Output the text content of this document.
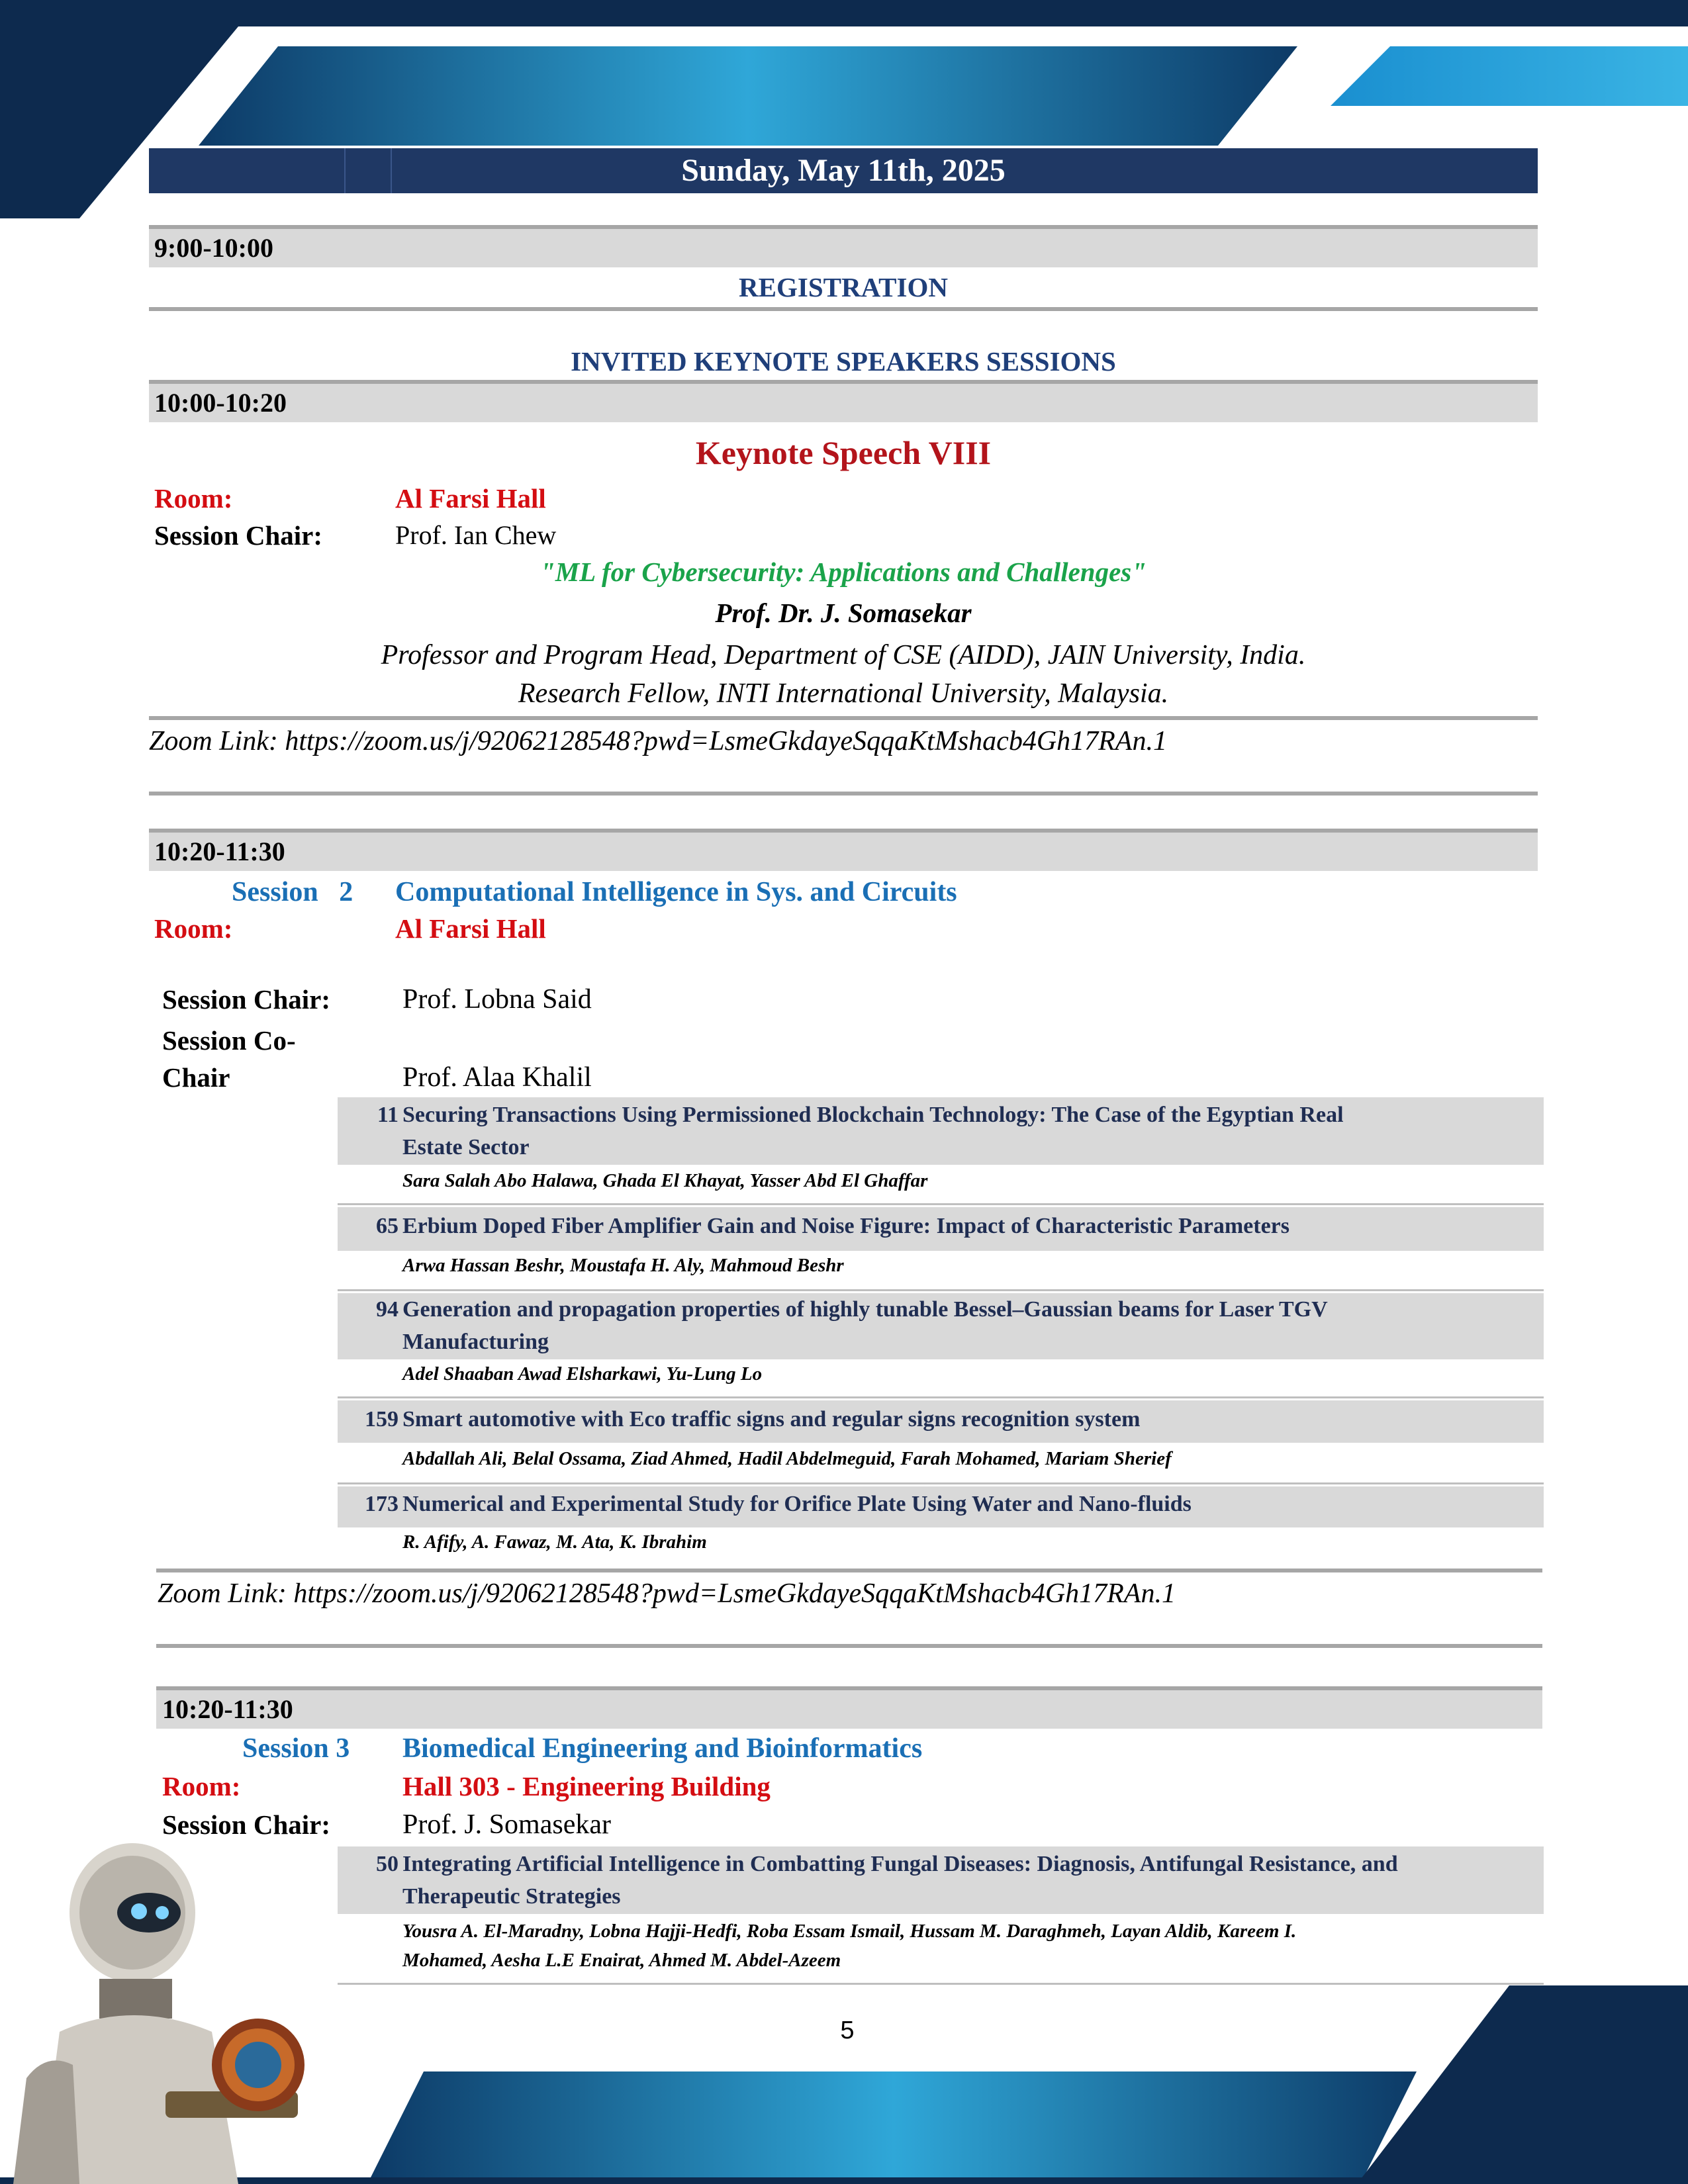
Sunday, May 11th, 2025
9:00-10:00
REGISTRATION
INVITED KEYNOTE SPEAKERS SESSIONS
10:00-10:20
Keynote Speech VIII
Room:	Al Farsi Hall
Session Chair:	Prof. Ian Chew
"ML for Cybersecurity: Applications and Challenges"
Prof. Dr. J. Somasekar
Professor and Program Head, Department of CSE (AIDD), JAIN University, India.
Research Fellow, INTI International University, Malaysia.
Zoom Link: https://zoom.us/j/92062128548?pwd=LsmeGkdayeSqqaKtMshacb4Gh17RAn.1
10:20-11:30
Session   2 Computational Intelligence in Sys. and Circuits
Room:	Al Farsi Hall
Session Chair:	Prof. Lobna Said
Session Co-
Chair	Prof. Alaa Khalil
11 Securing Transactions Using Permissioned Blockchain Technology: The Case of the Egyptian Real
Estate Sector
Sara Salah Abo Halawa, Ghada El Khayat, Yasser Abd El Ghaffar
65 Erbium Doped Fiber Amplifier Gain and Noise Figure: Impact of Characteristic Parameters
Arwa Hassan Beshr, Moustafa H. Aly, Mahmoud Beshr
94 Generation and propagation properties of highly tunable Bessel–Gaussian beams for Laser TGV
Manufacturing
Adel Shaaban Awad Elsharkawi, Yu-Lung Lo
159 Smart automotive with Eco traffic signs and regular signs recognition system
Abdallah Ali, Belal Ossama, Ziad Ahmed, Hadil Abdelmeguid, Farah Mohamed, Mariam Sherief
173 Numerical and Experimental Study for Orifice Plate Using Water and Nano-fluids
R. Afify, A. Fawaz, M. Ata, K. Ibrahim
Zoom Link: https://zoom.us/j/92062128548?pwd=LsmeGkdayeSqqaKtMshacb4Gh17RAn.1
10:20-11:30
Session 3 Biomedical Engineering and Bioinformatics
Room:	Hall 303 - Engineering Building
Session Chair:	Prof. J. Somasekar
50 Integrating Artificial Intelligence in Combatting Fungal Diseases: Diagnosis, Antifungal Resistance, and
Therapeutic Strategies
Yousra A. El-Maradny, Lobna Hajji-Hedfi, Roba Essam Ismail, Hussam M. Daraghmeh, Layan Aldib, Kareem I.
Mohamed, Aesha L.E Enairat, Ahmed M. Abdel-Azeem
5
